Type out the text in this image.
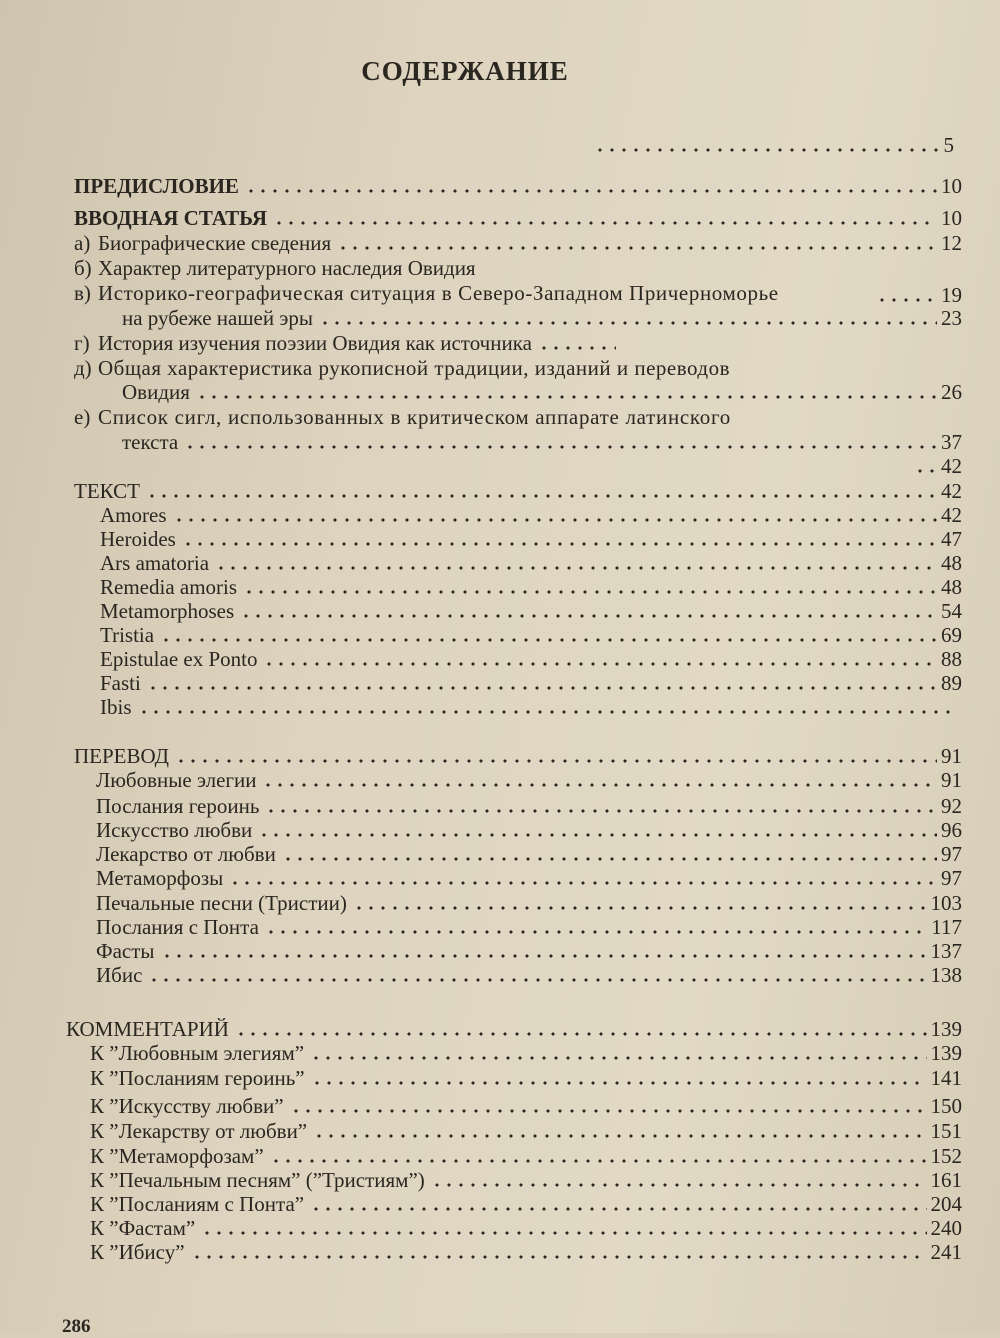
СОДЕРЖАНИЕ
5
ПРЕДИСЛОВИЕ	10
ВВОДНАЯ СТАТЬЯ	10
а) Биографические сведения	12
б) Характер литературного наследия Овидия
в) Историко-географическая ситуация в Северо-Западном Причерноморье	19
на рубеже нашей эры	23
г) История изучения поэзии Овидия как источника
д) Общая характеристика рукописной традиции, изданий и переводов
Овидия	26
е) Список сигл, использованных в критическом аппарате латинского
текста	37
42
ТЕКСТ	42
Amores	42
Heroides	47
Ars amatoria	48
Remedia amoris	48
Metamorphoses	54
Tristia	69
Epistulae ex Ponto	88
Fasti	89
Ibis
ПЕРЕВОД	91
Любовные элегии	91
Послания героинь	92
Искусство любви	96
Лекарство от любви	97
Метаморфозы	97
Печальные песни (Тристии)	103
Послания с Понта	117
Фасты	137
Ибис	138
КОММЕНТАРИЙ	139
К ”Любовным элегиям”	139
К ”Посланиям героинь”	141
К ”Искусству любви”	150
К ”Лекарству от любви”	151
К ”Метаморфозам”	152
К ”Печальным песням” (”Тристиям”)	161
К ”Посланиям с Понта”	204
К ”Фастам”	240
К ”Ибису”	241
286
